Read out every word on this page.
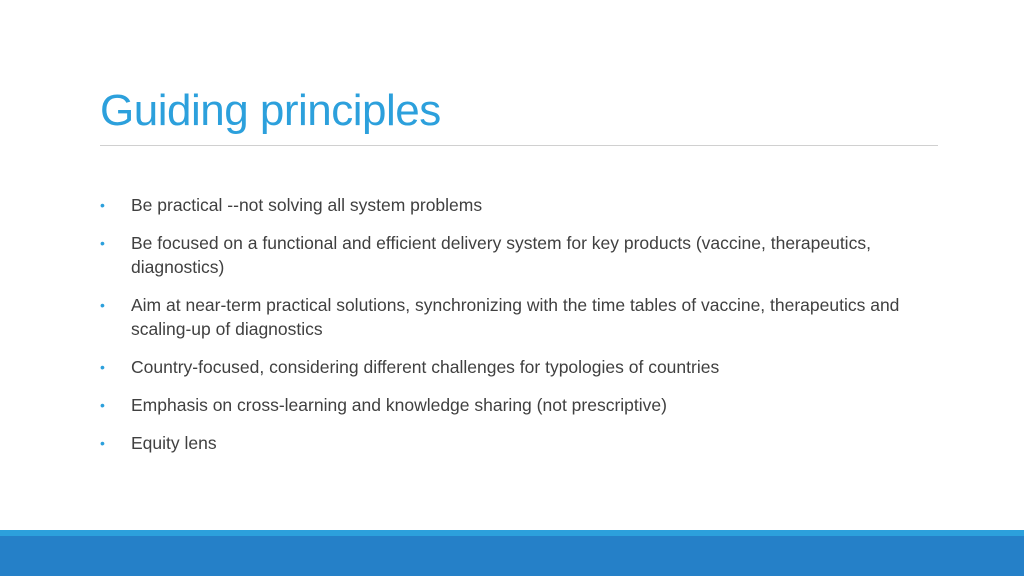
Guiding principles
• Be practical --not solving all system problems
• Be focused on a functional and efficient delivery system for key products (vaccine, therapeutics, diagnostics)
• Aim at near-term practical solutions, synchronizing with the time tables of vaccine, therapeutics and scaling-up of diagnostics
• Country-focused, considering different challenges for typologies of countries
• Emphasis on cross-learning and knowledge sharing (not prescriptive)
• Equity lens
